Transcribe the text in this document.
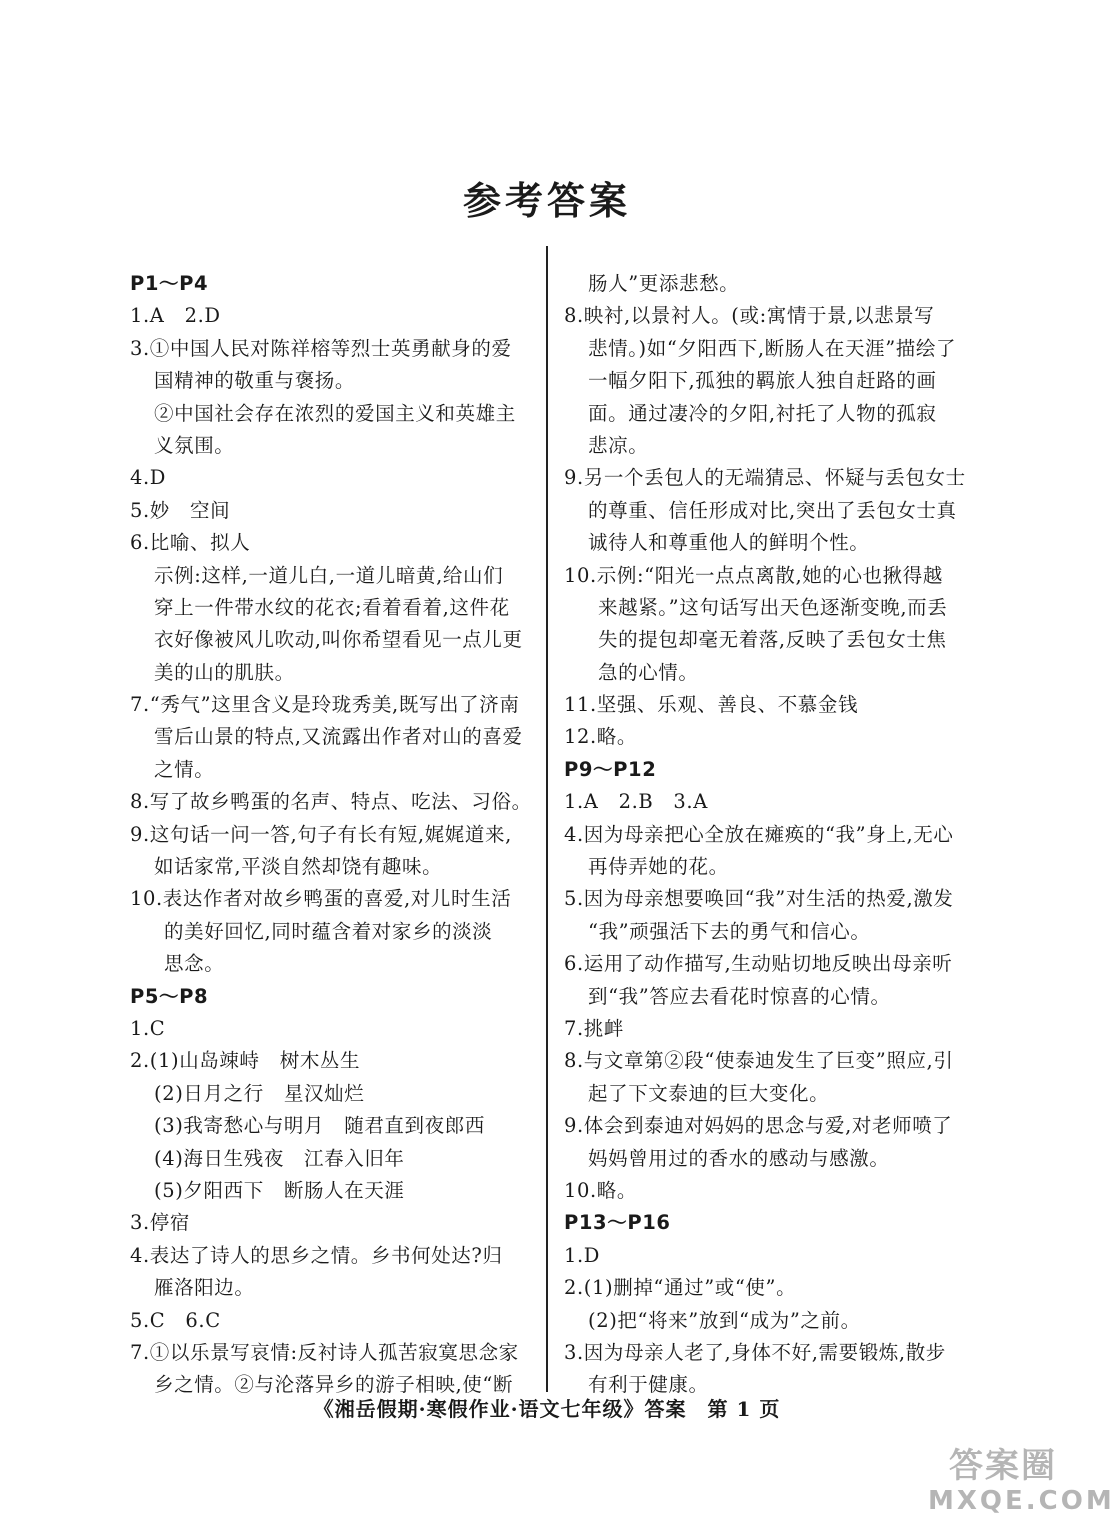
参考答案
P1～P4
1.A　2.D
3.①中国人民对陈祥榕等烈士英勇献身的爱
国精神的敬重与褒扬。
②中国社会存在浓烈的爱国主义和英雄主
义氛围。
4.D
5.妙　空间
6.比喻、拟人
示例:这样,一道儿白,一道儿暗黄,给山们
穿上一件带水纹的花衣;看着看着,这件花
衣好像被风儿吹动,叫你希望看见一点儿更
美的山的肌肤。
7.“秀气”这里含义是玲珑秀美,既写出了济南
雪后山景的特点,又流露出作者对山的喜爱
之情。
8.写了故乡鸭蛋的名声、特点、吃法、习俗。
9.这句话一问一答,句子有长有短,娓娓道来,
如话家常,平淡自然却饶有趣味。
10.表达作者对故乡鸭蛋的喜爱,对儿时生活
的美好回忆,同时蕴含着对家乡的淡淡
思念。
P5～P8
1.C
2.(1)山岛竦峙　树木丛生
(2)日月之行　星汉灿烂
(3)我寄愁心与明月　随君直到夜郎西
(4)海日生残夜　江春入旧年
(5)夕阳西下　断肠人在天涯
3.停宿
4.表达了诗人的思乡之情。乡书何处达?归
雁洛阳边。
5.C　6.C
7.①以乐景写哀情:反衬诗人孤苦寂寞思念家
乡之情。②与沦落异乡的游子相映,使“断
肠人”更添悲愁。
8.映衬,以景衬人。(或:寓情于景,以悲景写
悲情。)如“夕阳西下,断肠人在天涯”描绘了
一幅夕阳下,孤独的羁旅人独自赶路的画
面。通过凄冷的夕阳,衬托了人物的孤寂
悲凉。
9.另一个丢包人的无端猜忌、怀疑与丢包女士
的尊重、信任形成对比,突出了丢包女士真
诚待人和尊重他人的鲜明个性。
10.示例:“阳光一点点离散,她的心也揪得越
来越紧。”这句话写出天色逐渐变晚,而丢
失的提包却毫无着落,反映了丢包女士焦
急的心情。
11.坚强、乐观、善良、不慕金钱
12.略。
P9～P12
1.A　2.B　3.A
4.因为母亲把心全放在瘫痪的“我”身上,无心
再侍弄她的花。
5.因为母亲想要唤回“我”对生活的热爱,激发
“我”顽强活下去的勇气和信心。
6.运用了动作描写,生动贴切地反映出母亲听
到“我”答应去看花时惊喜的心情。
7.挑衅
8.与文章第②段“使泰迪发生了巨变”照应,引
起了下文泰迪的巨大变化。
9.体会到泰迪对妈妈的思念与爱,对老师喷了
妈妈曾用过的香水的感动与感激。
10.略。
P13～P16
1.D
2.(1)删掉“通过”或“使”。
(2)把“将来”放到“成为”之前。
3.因为母亲人老了,身体不好,需要锻炼,散步
有利于健康。
《湘岳假期·寒假作业·语文七年级》答案　第 1 页
答案圈
MXQE.COM
